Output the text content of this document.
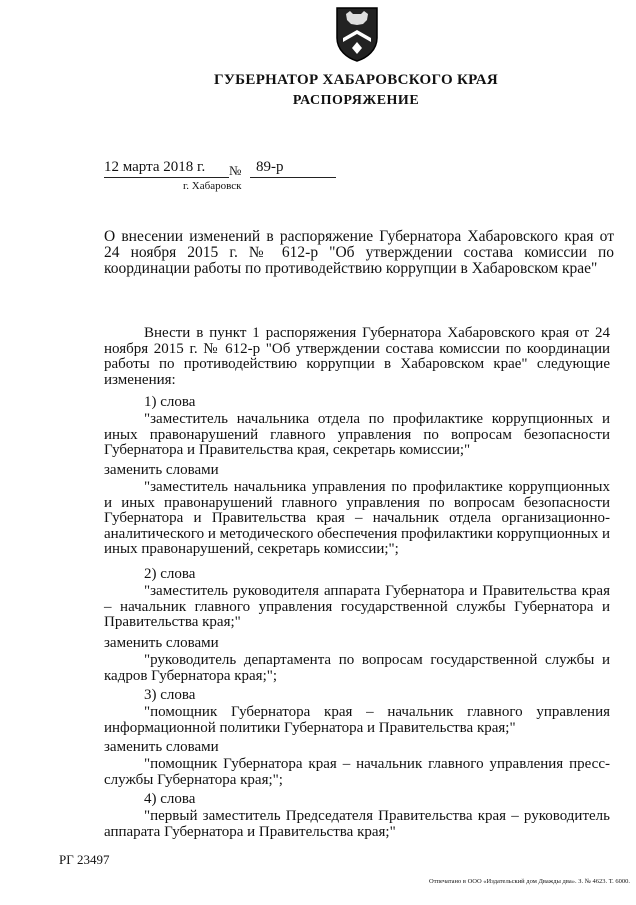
ГУБЕРНАТОР ХАБАРОВСКОГО КРАЯ
РАСПОРЯЖЕНИЕ
12 марта 2018 г.	№ 89-р
г. Хабаровск
О внесении изменений в распоряжение Губернатора Хабаровского края от 24 ноября 2015 г. № 612-р "Об утверждении состава комиссии по координации работы по противодействию коррупции в Хабаровском крае"
Внести в пункт 1 распоряжения Губернатора Хабаровского края от 24 ноября 2015 г. № 612-р "Об утверждении состава комиссии по координации работы по противодействию коррупции в Хабаровском крае" следующие изменения:
1) слова
"заместитель начальника отдела по профилактике коррупционных и иных правонарушений главного управления по вопросам безопасности Губернатора и Правительства края, секретарь комиссии;"
заменить словами
"заместитель начальника управления по профилактике коррупционных и иных правонарушений главного управления по вопросам безопасности Губернатора и Правительства края – начальник отдела организационно-аналитического и методического обеспечения профилактики коррупционных и иных правонарушений, секретарь комиссии;";
2) слова
"заместитель руководителя аппарата Губернатора и Правительства края – начальник главного управления государственной службы Губернатора и Правительства края;"
заменить словами
"руководитель департамента по вопросам государственной службы и кадров Губернатора края;";
3) слова
"помощник Губернатора края – начальник главного управления информационной политики Губернатора и Правительства края;"
заменить словами
"помощник Губернатора края – начальник главного управления пресс-службы Губернатора края;";
4) слова
"первый заместитель Председателя Правительства края – руководитель аппарата Губернатора и Правительства края;"
РГ 23497
Отпечатано в ООО «Издательский дом Дважды два». З. № 4623. Т. 6000.
